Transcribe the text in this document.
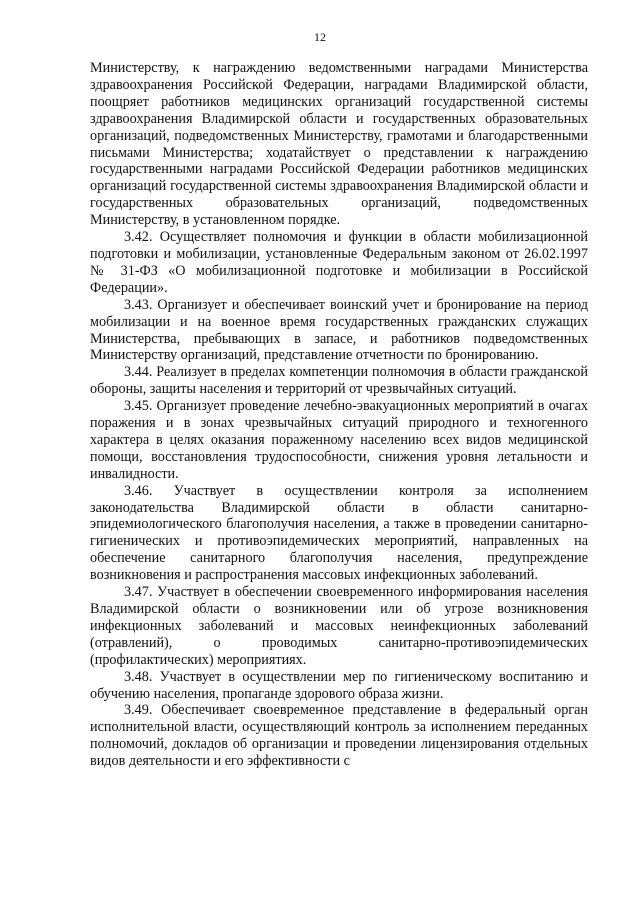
12

Министерству, к награждению ведомственными наградами Министерства здравоохранения Российской Федерации, наградами Владимирской области, поощряет работников медицинских организаций государственной системы здравоохранения Владимирской области и государственных образовательных организаций, подведомственных Министерству, грамотами и благодарственными письмами Министерства; ходатайствует о представлении к награждению государственными наградами Российской Федерации работников медицинских организаций государственной системы здравоохранения Владимирской области и государственных образовательных организаций, подведомственных Министерству, в установленном порядке.

3.42. Осуществляет полномочия и функции в области мобилизационной подготовки и мобилизации, установленные Федеральным законом от 26.02.1997 № 31-ФЗ «О мобилизационной подготовке и мобилизации в Российской Федерации».

3.43. Организует и обеспечивает воинский учет и бронирование на период мобилизации и на военное время государственных гражданских служащих Министерства, пребывающих в запасе, и работников подведомственных Министерству организаций, представление отчетности по бронированию.

3.44. Реализует в пределах компетенции полномочия в области гражданской обороны, защиты населения и территорий от чрезвычайных ситуаций.

3.45. Организует проведение лечебно-эвакуационных мероприятий в очагах поражения и в зонах чрезвычайных ситуаций природного и техногенного характера в целях оказания пораженному населению всех видов медицинской помощи, восстановления трудоспособности, снижения уровня летальности и инвалидности.

3.46. Участвует в осуществлении контроля за исполнением законодательства Владимирской области в области санитарно-эпидемиологического благополучия населения, а также в проведении санитарно-гигиенических и противоэпидемических мероприятий, направленных на обеспечение санитарного благополучия населения, предупреждение возникновения и распространения массовых инфекционных заболеваний.

3.47. Участвует в обеспечении своевременного информирования населения Владимирской области о возникновении или об угрозе возникновения инфекционных заболеваний и массовых неинфекционных заболеваний (отравлений), о проводимых санитарно-противоэпидемических (профилактических) мероприятиях.

3.48. Участвует в осуществлении мер по гигиеническому воспитанию и обучению населения, пропаганде здорового образа жизни.

3.49. Обеспечивает своевременное представление в федеральный орган исполнительной власти, осуществляющий контроль за исполнением переданных полномочий, докладов об организации и проведении лицензирования отдельных видов деятельности и его эффективности с
